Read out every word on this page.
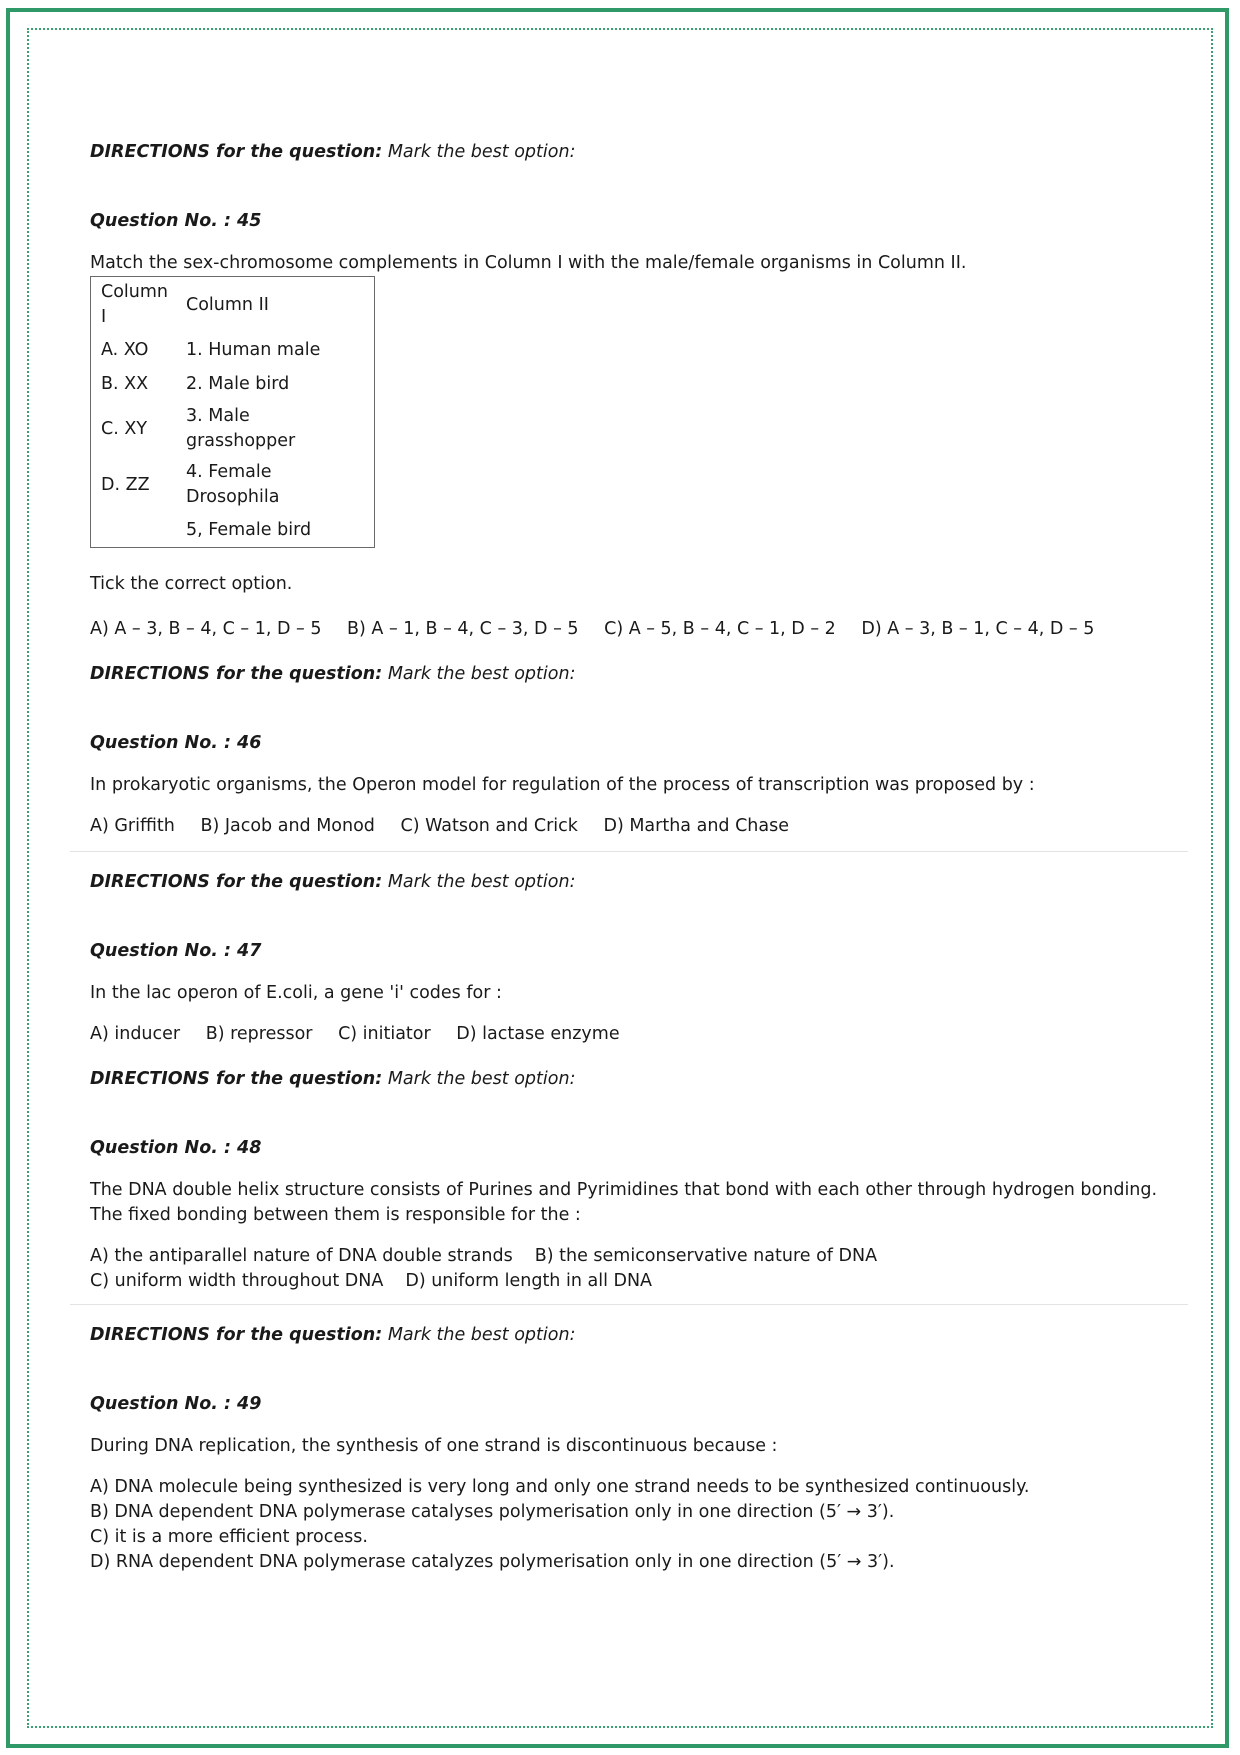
DIRECTIONS for the question: Mark the best option:
Question No. : 45
Match the sex-chromosome complements in Column I with the male/female organisms in Column II.
Column I	Column II
A. XO	1. Human male
B. XX	2. Male bird
C. XY	3. Male grasshopper
D. ZZ	4. Female Drosophila
	5, Female bird
Tick the correct option.
A) A – 3, B – 4, C – 1, D – 5 B) A – 1, B – 4, C – 3, D – 5 C) A – 5, B – 4, C – 1, D – 2 D) A – 3, B – 1, C – 4, D – 5
DIRECTIONS for the question: Mark the best option:
Question No. : 46
In prokaryotic organisms, the Operon model for regulation of the process of transcription was proposed by :
A) Griffith B) Jacob and Monod C) Watson and Crick D) Martha and Chase
DIRECTIONS for the question: Mark the best option:
Question No. : 47
In the lac operon of E.coli, a gene 'i' codes for :
A) inducer B) repressor C) initiator D) lactase enzyme
DIRECTIONS for the question: Mark the best option:
Question No. : 48
The DNA double helix structure consists of Purines and Pyrimidines that bond with each other through hydrogen bonding. The fixed bonding between them is responsible for the :
A) the antiparallel nature of DNA double strands B) the semiconservative nature of DNA
C) uniform width throughout DNA D) uniform length in all DNA
DIRECTIONS for the question: Mark the best option:
Question No. : 49
During DNA replication, the synthesis of one strand is discontinuous because :
A) DNA molecule being synthesized is very long and only one strand needs to be synthesized continuously.
B) DNA dependent DNA polymerase catalyses polymerisation only in one direction (5′ → 3′).
C) it is a more efficient process.
D) RNA dependent DNA polymerase catalyzes polymerisation only in one direction (5′ → 3′).
